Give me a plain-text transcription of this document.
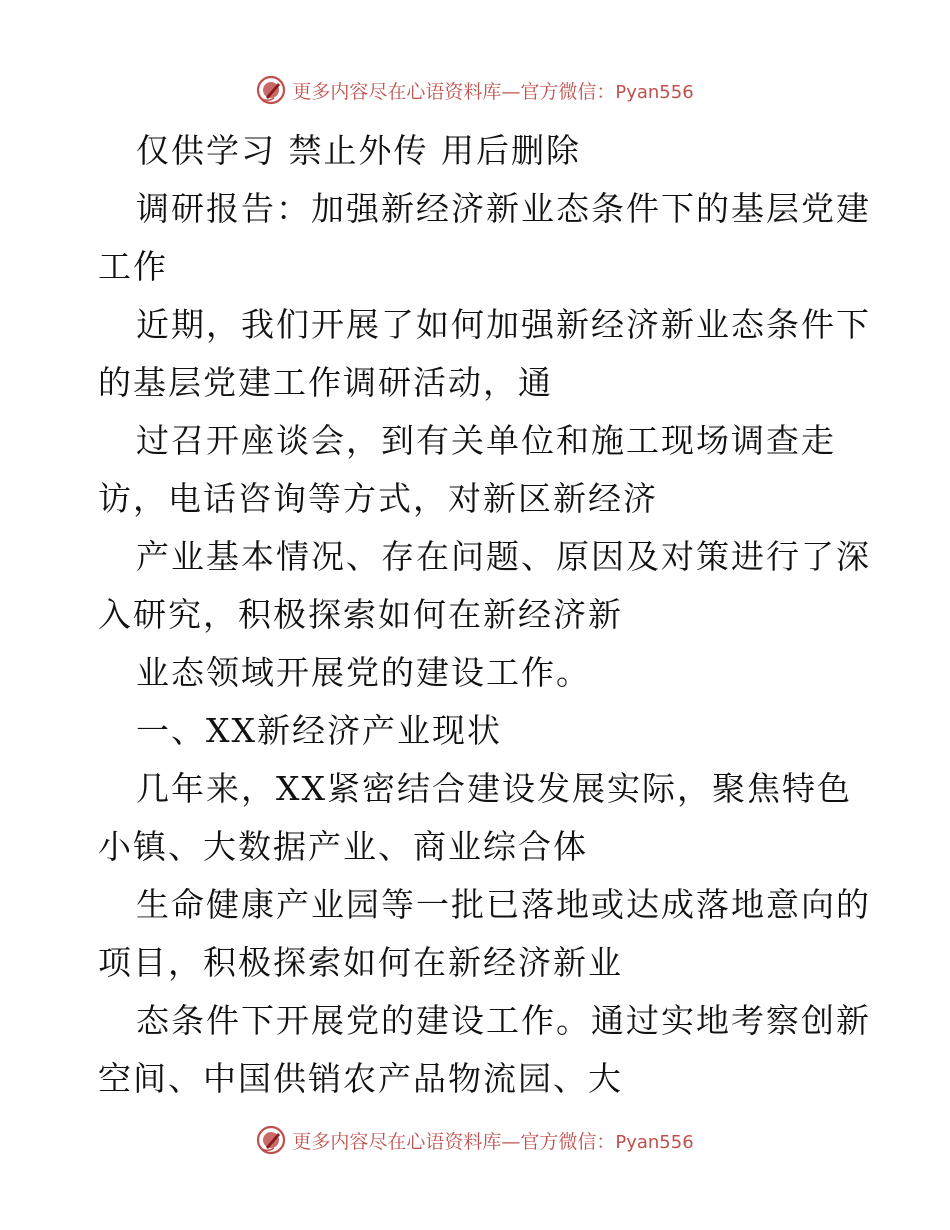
更多内容尽在心语资料库—官方微信：Pyan556
仅供学习 禁止外传 用后删除
调研报告：加强新经济新业态条件下的基层党建
工作
近期，我们开展了如何加强新经济新业态条件下
的基层党建工作调研活动，通
过召开座谈会，到有关单位和施工现场调查走
访，电话咨询等方式，对新区新经济
产业基本情况、存在问题、原因及对策进行了深
入研究，积极探索如何在新经济新
业态领域开展党的建设工作。
一、XX新经济产业现状
几年来，XX紧密结合建设发展实际，聚焦特色
小镇、大数据产业、商业综合体
生命健康产业园等一批已落地或达成落地意向的
项目，积极探索如何在新经济新业
态条件下开展党的建设工作。通过实地考察创新
空间、中国供销农产品物流园、大
更多内容尽在心语资料库—官方微信：Pyan556
